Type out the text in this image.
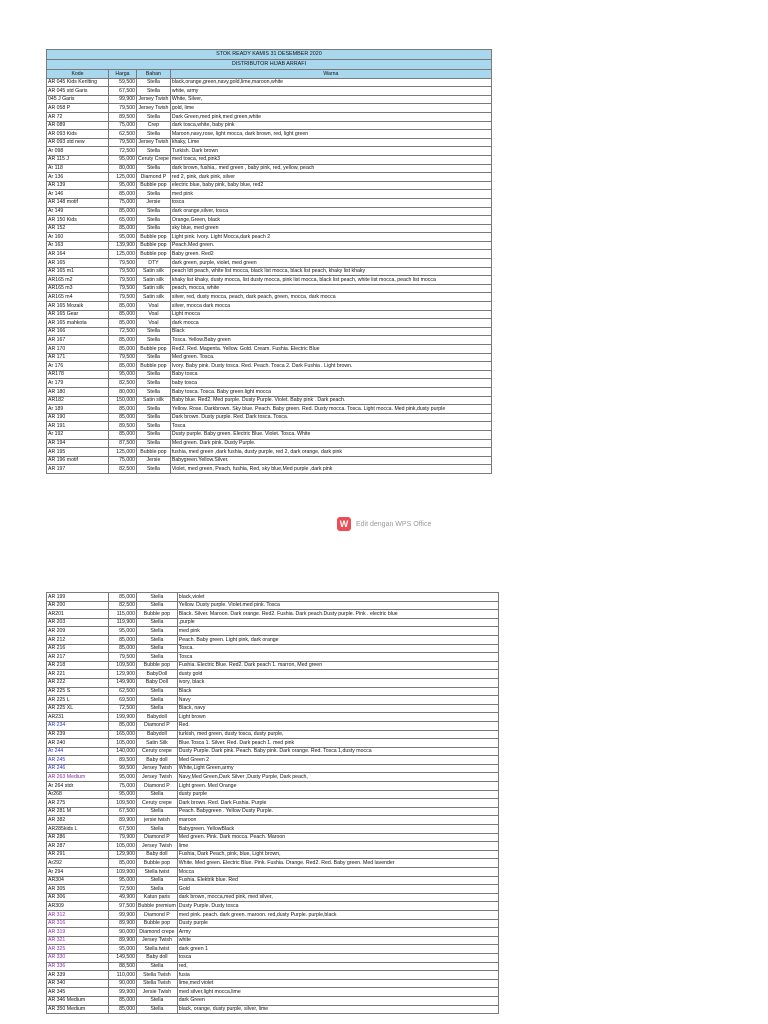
STOK READY KAMIS 31 DESEMBER 2020			
DISTRIBUTOR HIJAB ARRAFI			
Kode	Harga	Bahan	Warna
AR 045 Kids Kerilting	59,500	Stella	black,orange,green,navy,gold,lime,maroon,white
AR 045 std Garis	67,500	Stella	white, army
045 J Garis	99,900	Jersey Twish	White, Silver,
AR 058 P	79,500	Jersey Twish	gold, lime
AR 72	89,500	Stella	Dark Green,med pink,med green,white
AR 089	75,000	Crep	dark tosca,white, baby pink
AR 093 Kids	62,500	Stella	Maroon,navy,rose, light mocca, dark brown, red, light green
AR 093 std new	79,500	Jersey Twish	khaky, Lime
Ar 098	72,500	Stella	Turkish. Dark brown
AR 115 J	95,000	Ceruty Crepe	med tosca, red,pink3
Ar 118	80,000	Stella	dark brown, fushia,. med green , baby pink, red, yellow, peach
Ar 136	125,000	Diamond P	red 2, pink, dark pink, silver
AR 139	95,000	Bubble pop	electric blue, baby pink, baby blue, red2
Ar 146	85,000	Stella	med pink
AR 148 motif	75,000	Jersie	tosca
Ar 149	85,000	Stella	dark orange,silver, tosca
AR 150 Kids	65,000	Stella	Orange,Green, black
AR 152	85,000	Stella	sky blue, med green
Ar 160	95,000	Bubble pop	Light pink. Ivory. Light Mocca,dark peach 2
Ar 163	139,900	Bubble pop	Peach.Med green.
AR 164	125,000	Bubble pop	Baby green. Red2
AR 165	79,500	DTY	dark green, purple, violet, med green
AR 165 m1	79,500	Satin silk	peach ldt peach, white list mocca, black list mocca, black list peach, khaky list khaky
AR165 m2	79,500	Satin silk	khaky list khaky, dusty mocca, list dusty mocca, pink list mocca, black list peach, white list mocca, peach list mocca
AR165 m3	79,500	Satin silk	peach, mocca, white
AR165 m4	79,500	Satin silk	silver, red, dusty mocca, peach, dark peach, green, mocca, dark mocca
AR 165 Mozaik	85,000	Voal	silver, mocca dark mocca
AR 165 Gear	85,000	Voal	Light mocca
AR 165 mahkota	85,000	Voal	dark mocca
AR 166	72,500	Stella	Black
AR 167	85,000	Stella	Tosca. Yellow.Baby green
AR 170	85,000	Bubble pop	Red2. Red. Magenta. Yellow. Gold. Cream. Fushia. Electric Blue
AR 171	79,500	Stella	Med green. Tosca.
Ar 176	85,000	Bubble pop	Ivory. Baby pink. Dusty tosca. Red. Peach. Tosca 2. Dark Fushia . Light brown.
AR178	95,000	Stella	Baby tosca
Ar 179	82,500	Stella	baby tosca
AR 180	80,000	Stella	Baby tosca. Tosca. Baby green.light mocca
AR182	150,000	Satin silk	Baby blue. Red2. Med purple. Dusty Purple. Violet. Baby pink . Dark peach.
Ar 189	85,000	Stella	Yellow. Rose. Darkbrown. Sky blue. Peach. Baby green. Red. Dusty mocca. Tosca. Light mocca. Med pink,dusty purple
AR 190	85,000	Stella	Dark brown. Dusty purple. Red. Dark tosca. Tosca.
AR 191	89,500	Stella	Tosca
Ar 192	85,000	Stella	Dusty purple. Baby green. Electric Blue. Violet. Tosca. White
AR 194	87,500	Stella	Med green. Dark pink. Dusty Purple.
AR 195	125,000	Bubble pop	fushia, med green ,dark fushia, dusty purple, red 2, dark orange, dark pink
AR 196 motif	75,000	Jersie	Babygreen.Yellow.Silver.
AR 197	82,500	Stella	Violet, med green, Peach, fushia, Red, sky blue,Med purple ,dark pink
W	Edit dengan WPS Office
AR 199	85,000	Stella	black,violet
AR 200	82,500	Stella	Yellow. Dusty purple. Violet.med pink. Tosca
AR201	115,000	Bubble pop	Black. Silver. Maroon. Dark orange. Red2. Fushia. Dark peach.Dusty purple. Pink . electric blue
AR 203	119,900	Stella	,purple
AR 209	95,000	Stella	med pink
AR 212	85,000	Stella	Peach. Baby green. Light pink, dark orange
AR 216	85,000	Stella	Tosca.
AR 217	79,500	Stella	Tosca
AR 218	109,500	Bubble pop	Fushia. Electric Blue. Red2. Dark peach 1. marron, Med green
AR 221	129,900	BabyDoll	dusty gold
AR 222	149,900	Baby Doll	ivory, black
AR 225 S	62,500	Stella	Black
AR 225 L	69,500	Stella	Navy
AR 225 XL	72,500	Stella	Black, navy
AR231	199,900	Babydoll	Light brown
AR 234	85,000	Diamond P	Red.
AR 239	165,000	Babydoll	turkish, med green, dusty tosca, dusty purple,
AR 240	105,000	Satin Silk	Blue.Tosca 1. Silver. Red. Dark peach 1. med pink
Ar 244	140,000	Ceruty crepe	Dusty Purple. Dark pink. Peach. Baby pink. Dark orange. Red. Tosca 1,dusty mocca
AR 245	89,500	Baby doll	Med Green 2
AR 246	99,500	Jersey Twish	White,Light Green,army
AR 263 Medium	95,000	Jersey Twish	Navy,Med Green,Dark Silver ,Dusty Purple, Dark peach,
Ar 264 stdr	75,000	Diamond P	Light green. Med Orange
Ar268	95,000	Stella	dusty purple
AR 275	109,500	Ceruty crepe	Dark brown. Red. Dark Fushia. Purple
AR 281 M	67,500	Stella	Peach. Babygreen . Yellow Dusty Purple.
AR 382	89,900	jersie twish	maroon
AR285kids L	67,500	Stella	Babygreen. YellowBlack
AR 286	79,900	Diamond P	Med green. Pink. Dark mocca. Peach. Maroon
AR 287	105,000	Jersey Twish	lime
AR 291	129,900	Baby doll	Fushia, Dark Peach, pink, blue, Light brown,
Ar292	85,000	Bubble pop	White. Med green. Electric Blue. Pink. Fushia. Orange. Red2. Red. Baby green. Med lavender
Ar 294	109,900	Stella twist	Mocca
AR304	95,000	Stella	Fushia. Elektrik blue. Red
AR 305	72,500	Stella	Gold
AR 306	49,900	Katun paris	dark brown, mocca,med pink, med silver,
AR309	97,500	Bubble premium	Dusty Purple. Dusty tosca
AR 312	99,900	Diamond P	med pink. peach. dark green. maroon. red,dusty Purple. purple,black
AR 316	89,900	Bubble pop	Dusty purple
AR 319	90,000	Diamond crepe	Army
AR 321	89,900	Jersey Twish	white
AR 325	95,000	Stella twist	dark green 1
AR 330	149,500	Baby doll	tosca
AR 336	88,500	Stella	red,
AR 339	110,000	Stella Twish	fusia
AR 340	90,000	Stella Twish	lime,med violet
AR 345	99,900	Jersie Twish	med silver,light mocca,lime
AR 346 Medium	85,000	Stella	dark Green
AR 350 Medium	85,000	Stella	black, orange, dusty purple, silver, lime
